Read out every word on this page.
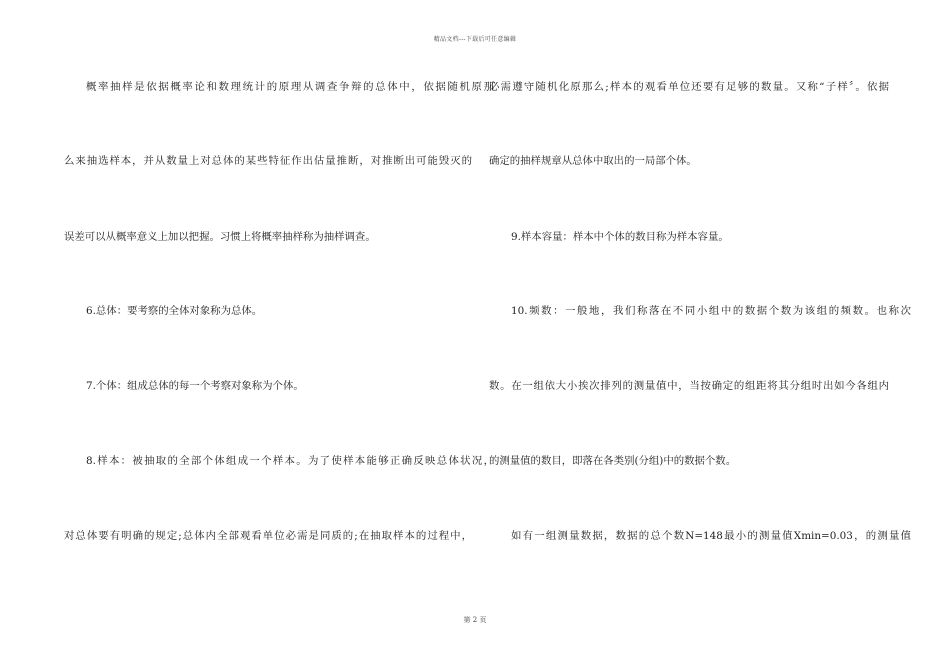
精品文档---下载后可任意编辑
概率抽样是依据概率论和数理统计的原理从调查争辩的总体中，依据随机原那
么来抽选样本，并从数量上对总体的某些特征作出估量推断，对推断出可能毁灭的
误差可以从概率意义上加以把握。习惯上将概率抽样称为抽样调查。
6.总体：要考察的全体对象称为总体。
7.个体：组成总体的每一个考察对象称为个体。
8.样本：被抽取的全部个体组成一个样本。为了使样本能够正确反映总体状况，
对总体要有明确的规定;总体内全部观看单位必需是同质的;在抽取样本的过程中，
必需遵守随机化原那么;样本的观看单位还要有足够的数量。又称“子样〞。依据
确定的抽样规章从总体中取出的一局部个体。
9.样本容量：样本中个体的数目称为样本容量。
10.频数：一般地，我们称落在不同小组中的数据个数为该组的频数。也称次
数。在一组依大小挨次排列的测量值中，当按确定的组距将其分组时出如今各组内
的测量值的数目，即落在各类别(分组)中的数据个数。
如有一组测量数据，数据的总个数N=148最小的测量值Xmin=0.03，的测量值
第 2 页
